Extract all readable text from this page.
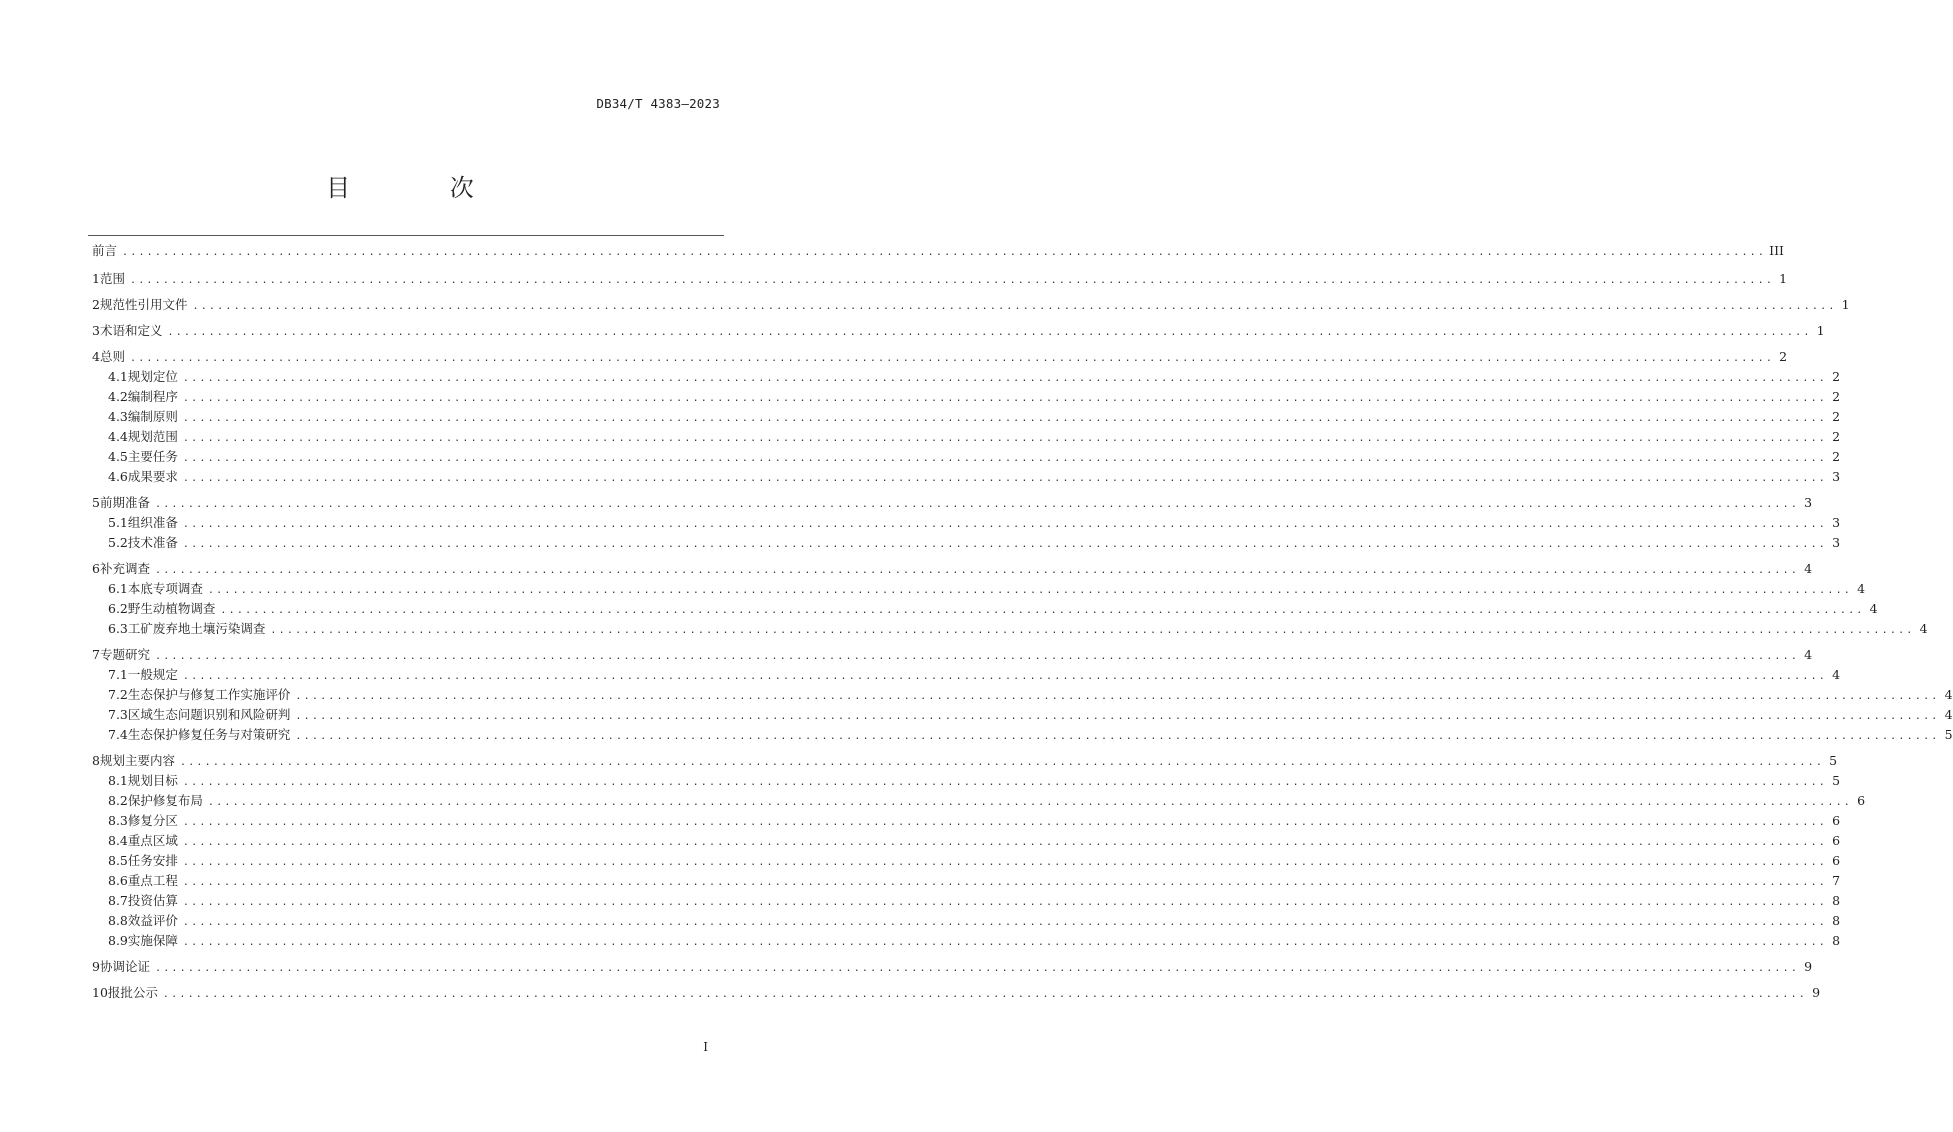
DB34/T 4383—2023
目 次
前言 ........................................................................................................................................................................................................ III
1 范围 ........................................................................................................................................................................................................ 1
2 规范性引用文件 ........................................................................................................................................................................................................ 1
3 术语和定义 ........................................................................................................................................................................................................ 1
4 总则 ........................................................................................................................................................................................................ 2
4.1 规划定位 ........................................................................................................................................................................................................ 2
4.2 编制程序 ........................................................................................................................................................................................................ 2
4.3 编制原则 ........................................................................................................................................................................................................ 2
4.4 规划范围 ........................................................................................................................................................................................................ 2
4.5 主要任务 ........................................................................................................................................................................................................ 2
4.6 成果要求 ........................................................................................................................................................................................................ 3
5 前期准备 ........................................................................................................................................................................................................ 3
5.1 组织准备 ........................................................................................................................................................................................................ 3
5.2 技术准备 ........................................................................................................................................................................................................ 3
6 补充调查 ........................................................................................................................................................................................................ 4
6.1 本底专项调查 ........................................................................................................................................................................................................ 4
6.2 野生动植物调查 ........................................................................................................................................................................................................ 4
6.3 工矿废弃地土壤污染调查 ........................................................................................................................................................................................................ 4
7 专题研究 ........................................................................................................................................................................................................ 4
7.1 一般规定 ........................................................................................................................................................................................................ 4
7.2 生态保护与修复工作实施评价 ........................................................................................................................................................................................................ 4
7.3 区域生态问题识别和风险研判 ........................................................................................................................................................................................................ 4
7.4 生态保护修复任务与对策研究 ........................................................................................................................................................................................................ 5
8 规划主要内容 ........................................................................................................................................................................................................ 5
8.1 规划目标 ........................................................................................................................................................................................................ 5
8.2 保护修复布局 ........................................................................................................................................................................................................ 6
8.3 修复分区 ........................................................................................................................................................................................................ 6
8.4 重点区域 ........................................................................................................................................................................................................ 6
8.5 任务安排 ........................................................................................................................................................................................................ 6
8.6 重点工程 ........................................................................................................................................................................................................ 7
8.7 投资估算 ........................................................................................................................................................................................................ 8
8.8 效益评价 ........................................................................................................................................................................................................ 8
8.9 实施保障 ........................................................................................................................................................................................................ 8
9 协调论证 ........................................................................................................................................................................................................ 9
10 报批公示 ........................................................................................................................................................................................................ 9
I
